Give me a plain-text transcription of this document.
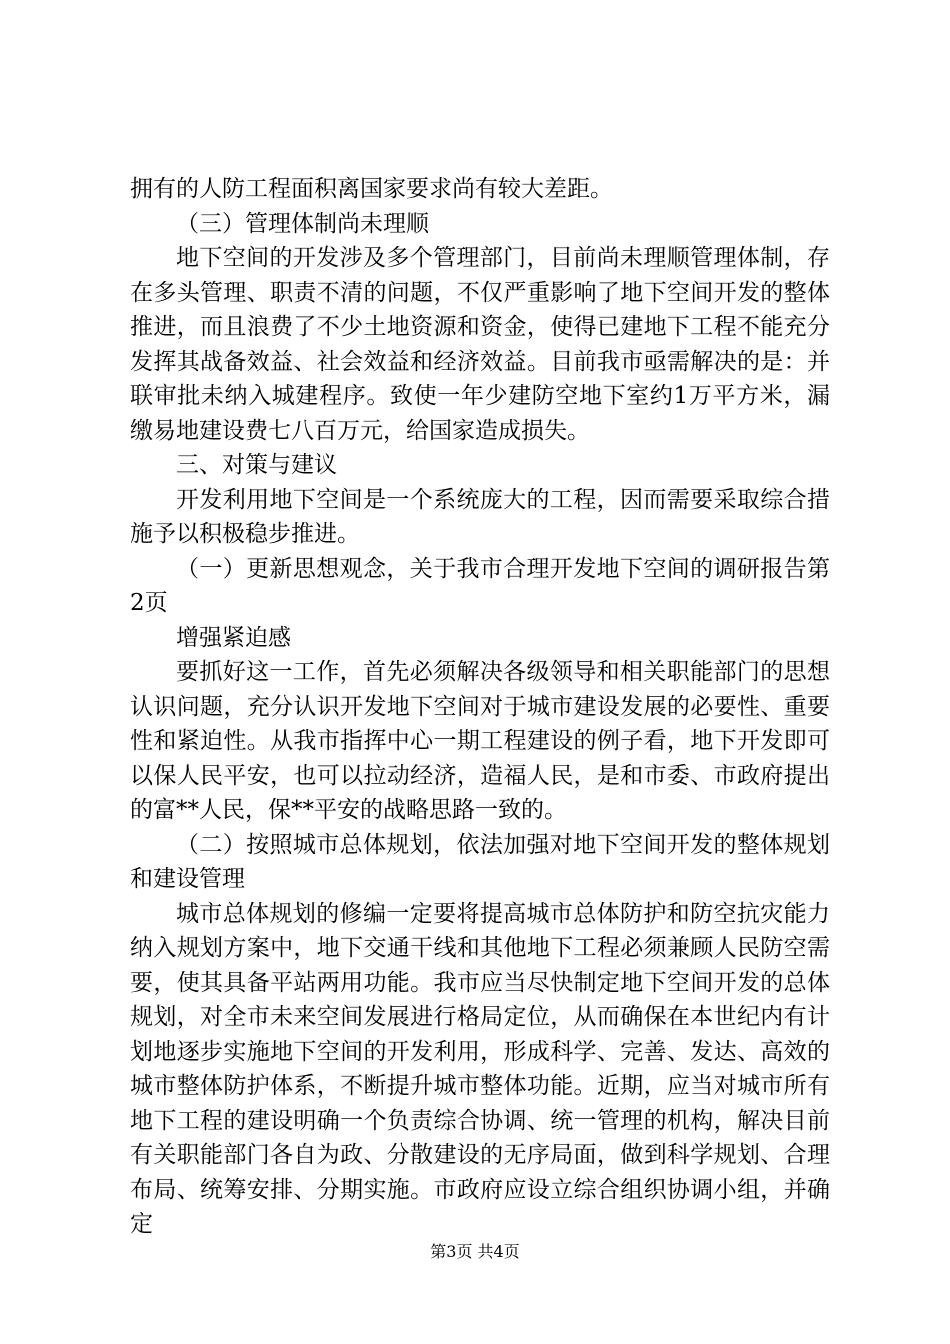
拥有的人防工程面积离国家要求尚有较大差距。

（三）管理体制尚未理顺

地下空间的开发涉及多个管理部门，目前尚未理顺管理体制，存在多头管理、职责不清的问题，不仅严重影响了地下空间开发的整体推进，而且浪费了不少土地资源和资金，使得已建地下工程不能充分发挥其战备效益、社会效益和经济效益。目前我市亟需解决的是：并联审批未纳入城建程序。致使一年少建防空地下室约1万平方米，漏缴易地建设费七八百万元，给国家造成损失。

三、对策与建议

开发利用地下空间是一个系统庞大的工程，因而需要采取综合措施予以积极稳步推进。

（一）更新思想观念，关于我市合理开发地下空间的调研报告第2页

增强紧迫感

要抓好这一工作，首先必须解决各级领导和相关职能部门的思想认识问题，充分认识开发地下空间对于城市建设发展的必要性、重要性和紧迫性。从我市指挥中心一期工程建设的例子看，地下开发即可以保人民平安，也可以拉动经济，造福人民，是和市委、市政府提出的富**人民，保**平安的战略思路一致的。

（二）按照城市总体规划，依法加强对地下空间开发的整体规划和建设管理

城市总体规划的修编一定要将提高城市总体防护和防空抗灾能力纳入规划方案中，地下交通干线和其他地下工程必须兼顾人民防空需要，使其具备平站两用功能。我市应当尽快制定地下空间开发的总体规划，对全市未来空间发展进行格局定位，从而确保在本世纪内有计划地逐步实施地下空间的开发利用，形成科学、完善、发达、高效的城市整体防护体系，不断提升城市整体功能。近期，应当对城市所有地下工程的建设明确一个负责综合协调、统一管理的机构，解决目前有关职能部门各自为政、分散建设的无序局面，做到科学规划、合理布局、统筹安排、分期实施。市政府应设立综合组织协调小组，并确定

第3页 共4页
